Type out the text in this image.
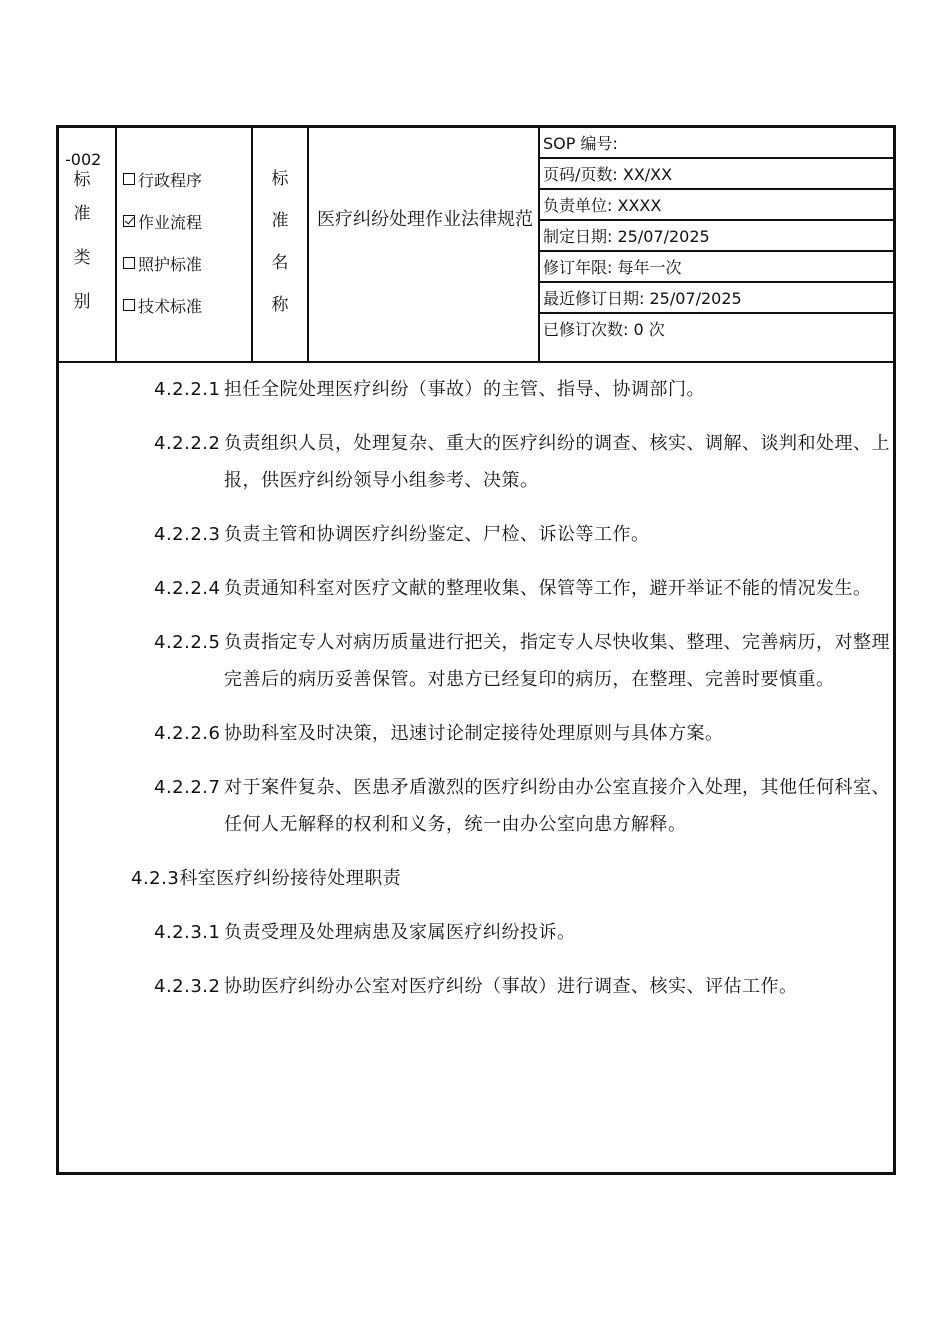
-002
标
准
类
别
行政程序
作业流程
照护标准
技术标准
标
准
名
称
医疗纠纷处理作业法律规范
SOP 编号:
页码/页数: XX/XX
负责单位: XXXX
制定日期: 25/07/2025
修订年限: 每年一次
最近修订日期: 25/07/2025
已修订次数: 0 次
4.2.2.1 担任全院处理医疗纠纷（事故）的主管、指导、协调部门。
4.2.2.2 负责组织人员，处理复杂、重大的医疗纠纷的调查、核实、调解、谈判和处理、上报，供医疗纠纷领导小组参考、决策。
4.2.2.3 负责主管和协调医疗纠纷鉴定、尸检、诉讼等工作。
4.2.2.4 负责通知科室对医疗文献的整理收集、保管等工作，避开举证不能的情况发生。
4.2.2.5 负责指定专人对病历质量进行把关，指定专人尽快收集、整理、完善病历，对整理完善后的病历妥善保管。对患方已经复印的病历，在整理、完善时要慎重。
4.2.2.6 协助科室及时决策，迅速讨论制定接待处理原则与具体方案。
4.2.2.7 对于案件复杂、医患矛盾激烈的医疗纠纷由办公室直接介入处理，其他任何科室、任何人无解释的权利和义务，统一由办公室向患方解释。
4.2.3科室医疗纠纷接待处理职责
4.2.3.1 负责受理及处理病患及家属医疗纠纷投诉。
4.2.3.2 协助医疗纠纷办公室对医疗纠纷（事故）进行调查、核实、评估工作。
